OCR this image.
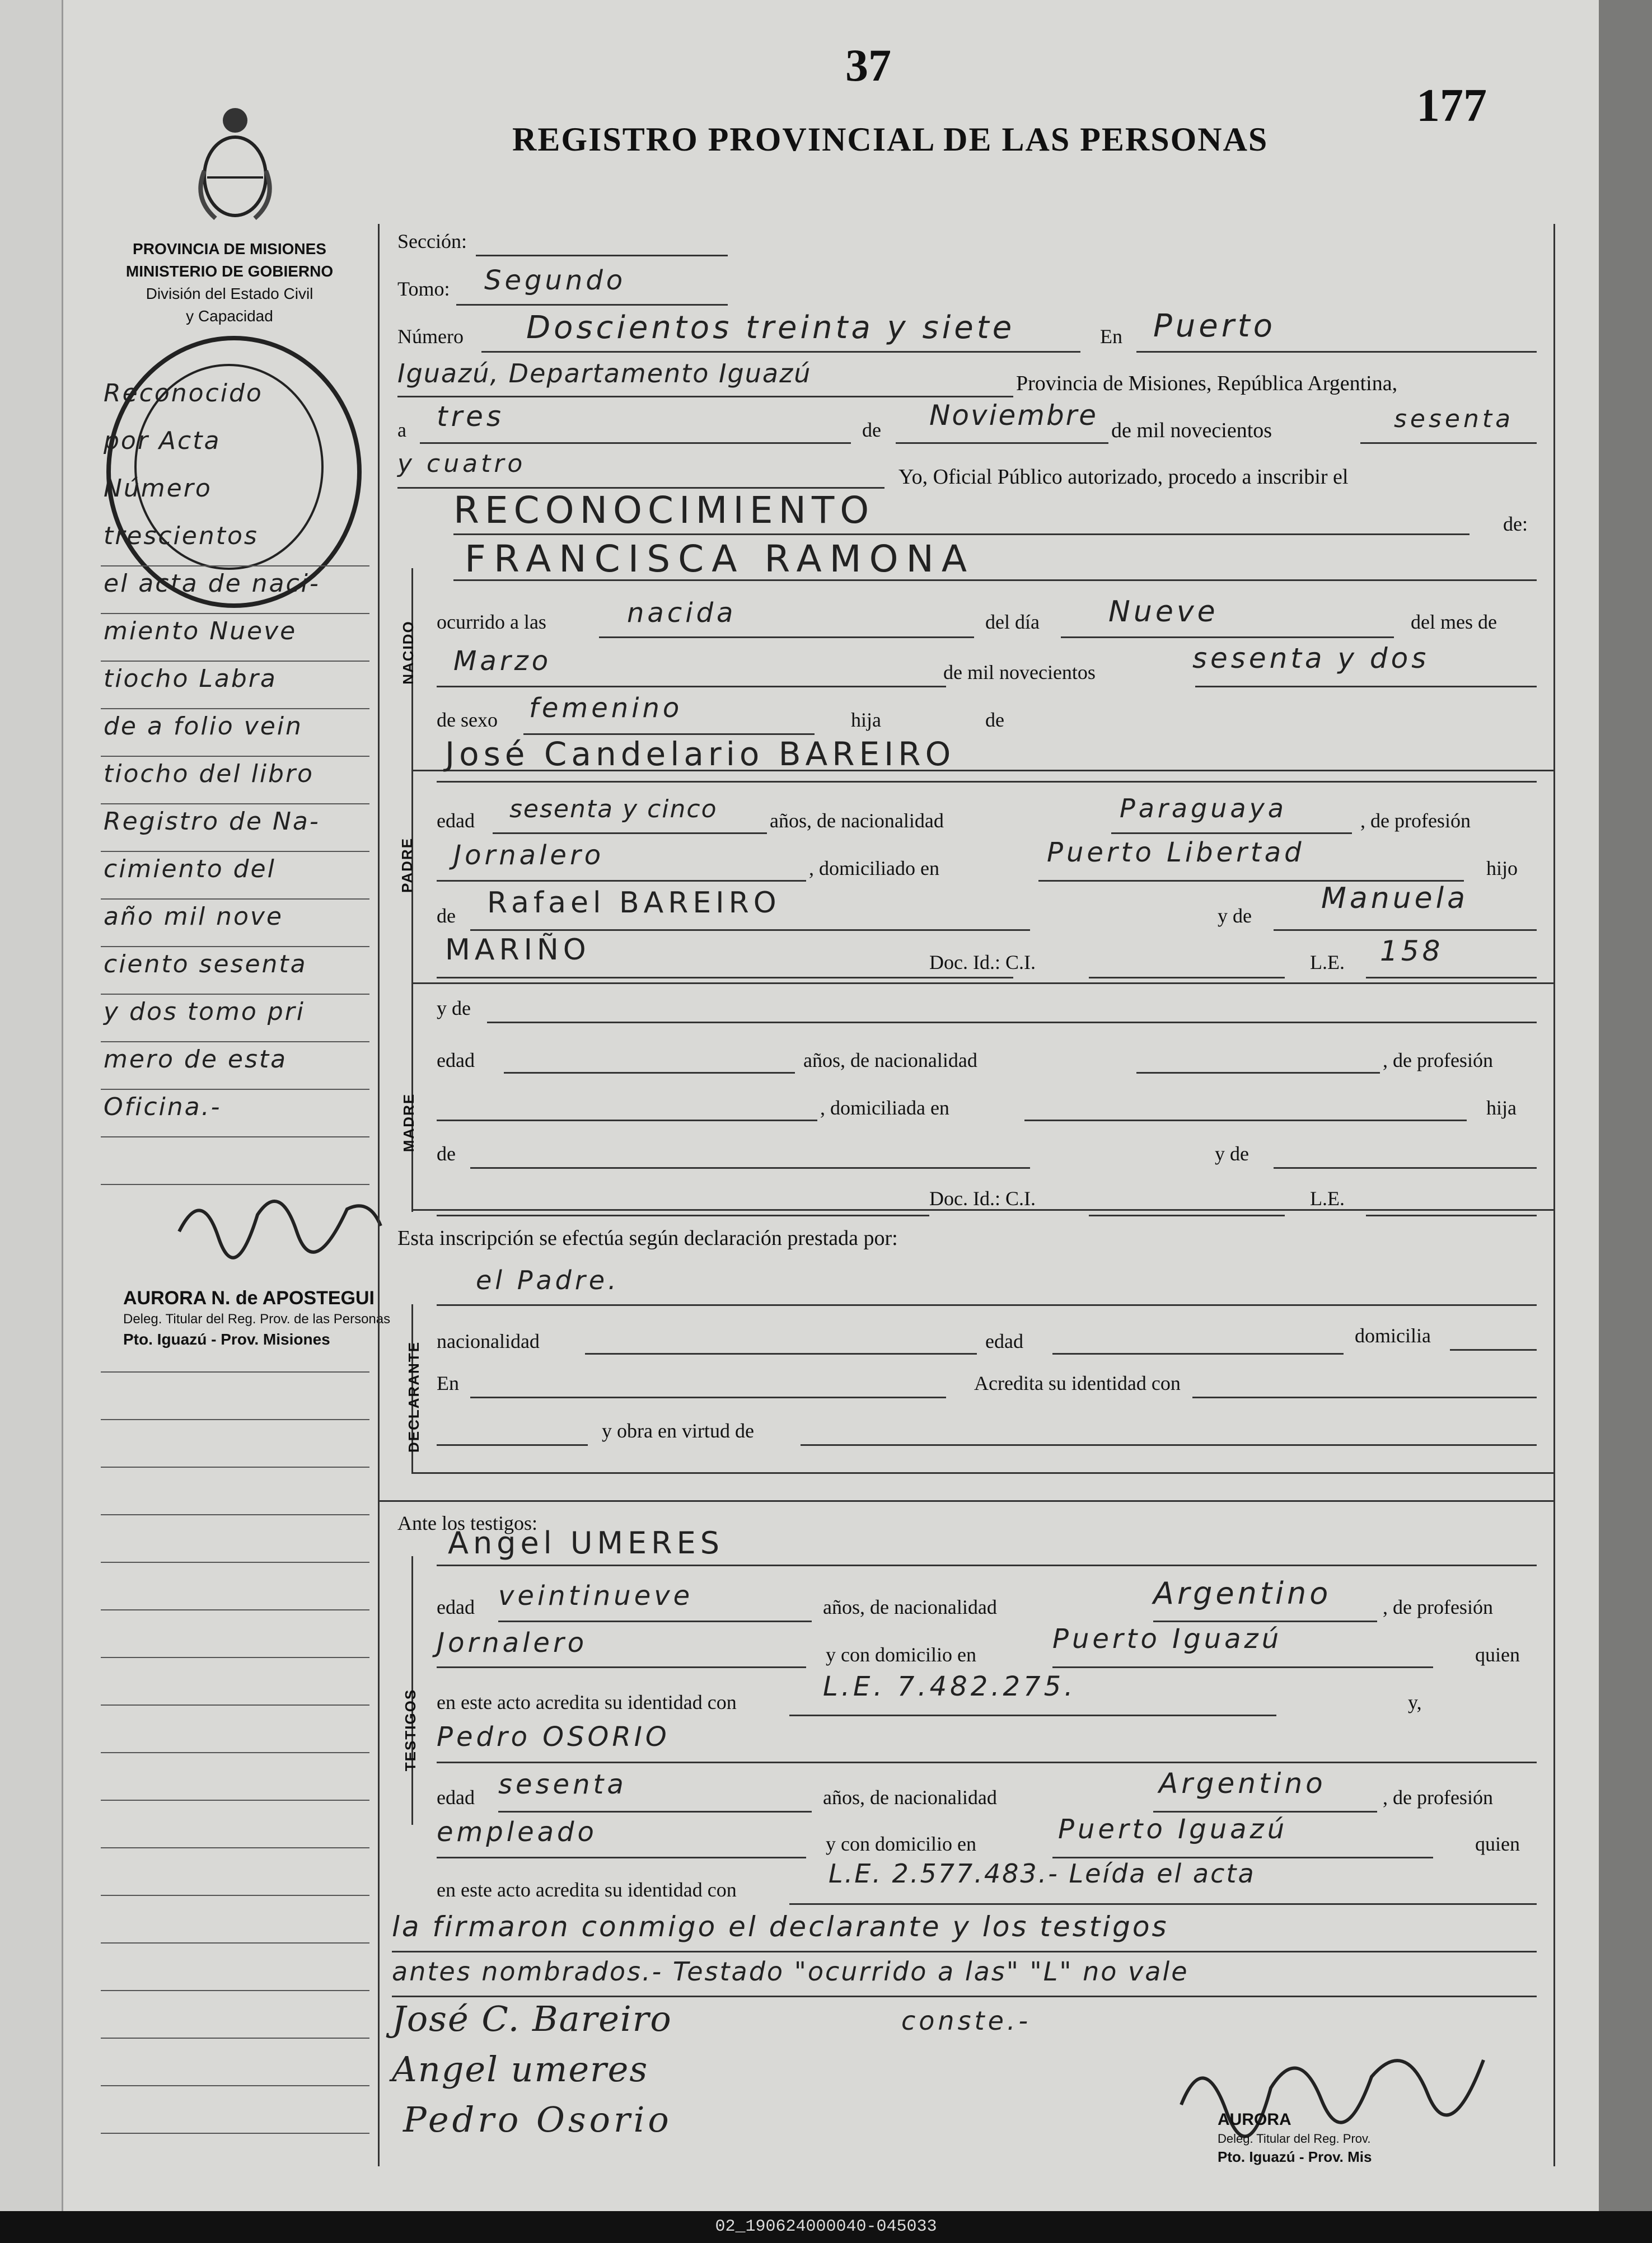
37
177
REGISTRO PROVINCIAL DE LAS PERSONAS
PROVINCIA DE MISIONES
MINISTERIO DE GOBIERNO
División del Estado Civil
y Capacidad
Reconocido
por Acta
Número
trescientos
el acta de naci-
miento Nueve
tiocho Labra
de a folio vein
tiocho del libro
Registro de Na-
cimiento del
año mil nove
ciento sesenta
y dos tomo pri
mero de esta
Oficina.-
AURORA N. de APOSTEGUI
Deleg. Titular del Reg. Prov. de las Personas
Pto. Iguazú - Prov. Misiones
NACIDO
PADRE
MADRE
DECLARANTE
TESTIGOS
Sección:
Tomo: Segundo
Número Doscientos treinta y siete	En Puerto
Iguazú, Departamento Iguazú	Provincia de Misiones, República Argentina,
a tres	de Noviembre de mil novecientos	sesenta
y cuatro	Yo, Oficial Público autorizado, procedo a inscribir el
RECONOCIMIENTO	de:
FRANCISCA RAMONA
ocurrido a las	nacida	del día Nueve	del mes de
Marzo	de mil novecientos	sesenta y dos
de sexo femenino	hija	de
José Candelario BAREIRO
edad sesenta y cinco	años, de nacionalidad	Paraguaya	, de profesión
Jornalero	, domiciliado en	Puerto Libertad	hijo
de Rafael BAREIRO	y de
Manuela
MARIÑO	Doc. Id.: C.I.	L.E. 158
y de
edad	años, de nacionalidad	, de profesión
, domiciliada en	hija
de	y de
Doc. Id.: C.I.	L.E.
Esta inscripción se efectúa según declaración prestada por:
el Padre.
nacionalidad	edad	domicilia
En	Acredita su identidad con
y obra en virtud de
Ante los testigos:
Angel UMERES
edad veintinueve	años, de nacionalidad	Argentino	, de profesión
Jornalero	y con domicilio en	Puerto Iguazú	quien
en este acto acredita su identidad con	L.E. 7.482.275.	y,
Pedro OSORIO
edad sesenta	años, de nacionalidad	Argentino	, de profesión
empleado	y con domicilio en	Puerto Iguazú	quien
en este acto acredita su identidad con
L.E. 2.577.483.- Leída el acta
la firmaron conmigo el declarante y los testigos
antes nombrados.- Testado "ocurrido a las" "L" no vale
José C. Bareiro	conste.-
Angel umeres
Pedro Osorio	AURORA
Deleg. Titular del Reg. Prov.
Pto. Iguazú - Prov. Mis
02_190624000040-045033
